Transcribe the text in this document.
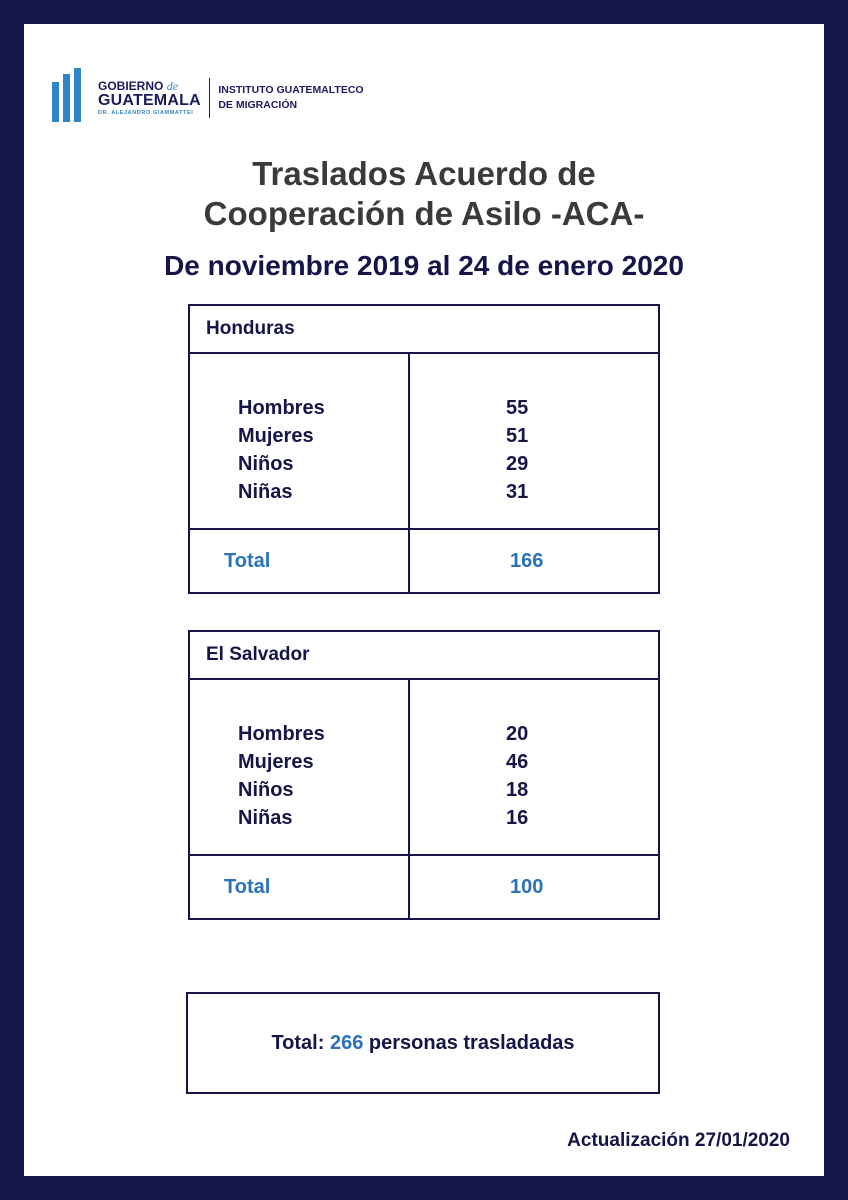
GOBIERNO de
GUATEMALA
DR. ALEJANDRO GIAMMATTEI
INSTITUTO GUATEMALTECO
DE MIGRACIÓN
Traslados Acuerdo de
Cooperación de Asilo -ACA-
De noviembre 2019 al 24 de enero 2020
Honduras
Hombres
Mujeres
Niños
Niñas
55
51
29
31
Total	166
El Salvador
Hombres
Mujeres
Niños
Niñas
20
46
18
16
Total	100
Total:
266
personas trasladadas
Actualización 27/01/2020
